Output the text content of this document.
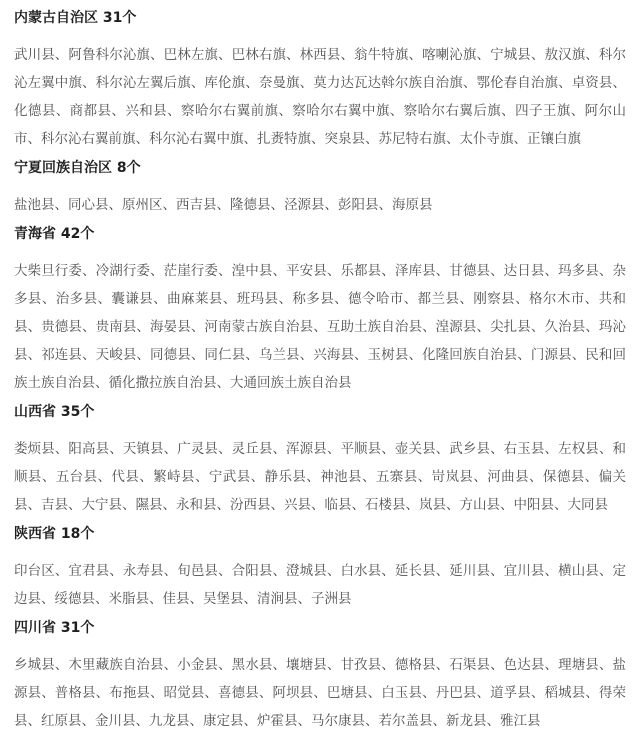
内蒙古自治区 31个

武川县、阿鲁科尔沁旗、巴林左旗、巴林右旗、林西县、翁牛特旗、喀喇沁旗、宁城县、敖汉旗、科尔沁左翼中旗、科尔沁左翼后旗、库伦旗、奈曼旗、莫力达瓦达斡尔族自治旗、鄂伦春自治旗、卓资县、化德县、商都县、兴和县、察哈尔右翼前旗、察哈尔右翼中旗、察哈尔右翼后旗、四子王旗、阿尔山市、科尔沁右翼前旗、科尔沁右翼中旗、扎赉特旗、突泉县、苏尼特右旗、太仆寺旗、正镶白旗

宁夏回族自治区 8个

盐池县、同心县、原州区、西吉县、隆德县、泾源县、彭阳县、海原县

青海省 42个

大柴旦行委、冷湖行委、茫崖行委、湟中县、平安县、乐都县、泽库县、甘德县、达日县、玛多县、杂多县、治多县、囊谦县、曲麻莱县、班玛县、称多县、德令哈市、都兰县、刚察县、格尔木市、共和县、贵德县、贵南县、海晏县、河南蒙古族自治县、互助土族自治县、湟源县、尖扎县、久治县、玛沁县、祁连县、天峻县、同德县、同仁县、乌兰县、兴海县、玉树县、化隆回族自治县、门源县、民和回族土族自治县、循化撒拉族自治县、大通回族土族自治县

山西省 35个

娄烦县、阳高县、天镇县、广灵县、灵丘县、浑源县、平顺县、壶关县、武乡县、右玉县、左权县、和顺县、五台县、代县、繁峙县、宁武县、静乐县、神池县、五寨县、岢岚县、河曲县、保德县、偏关县、吉县、大宁县、隰县、永和县、汾西县、兴县、临县、石楼县、岚县、方山县、中阳县、大同县

陕西省 18个

印台区、宜君县、永寿县、旬邑县、合阳县、澄城县、白水县、延长县、延川县、宜川县、横山县、定边县、绥德县、米脂县、佳县、吴堡县、清涧县、子洲县

四川省 31个

乡城县、木里藏族自治县、小金县、黑水县、壤塘县、甘孜县、德格县、石渠县、色达县、理塘县、盐源县、普格县、布拖县、昭觉县、喜德县、阿坝县、巴塘县、白玉县、丹巴县、道孚县、稻城县、得荣县、红原县、金川县、九龙县、康定县、炉霍县、马尔康县、若尔盖县、新龙县、雅江县
